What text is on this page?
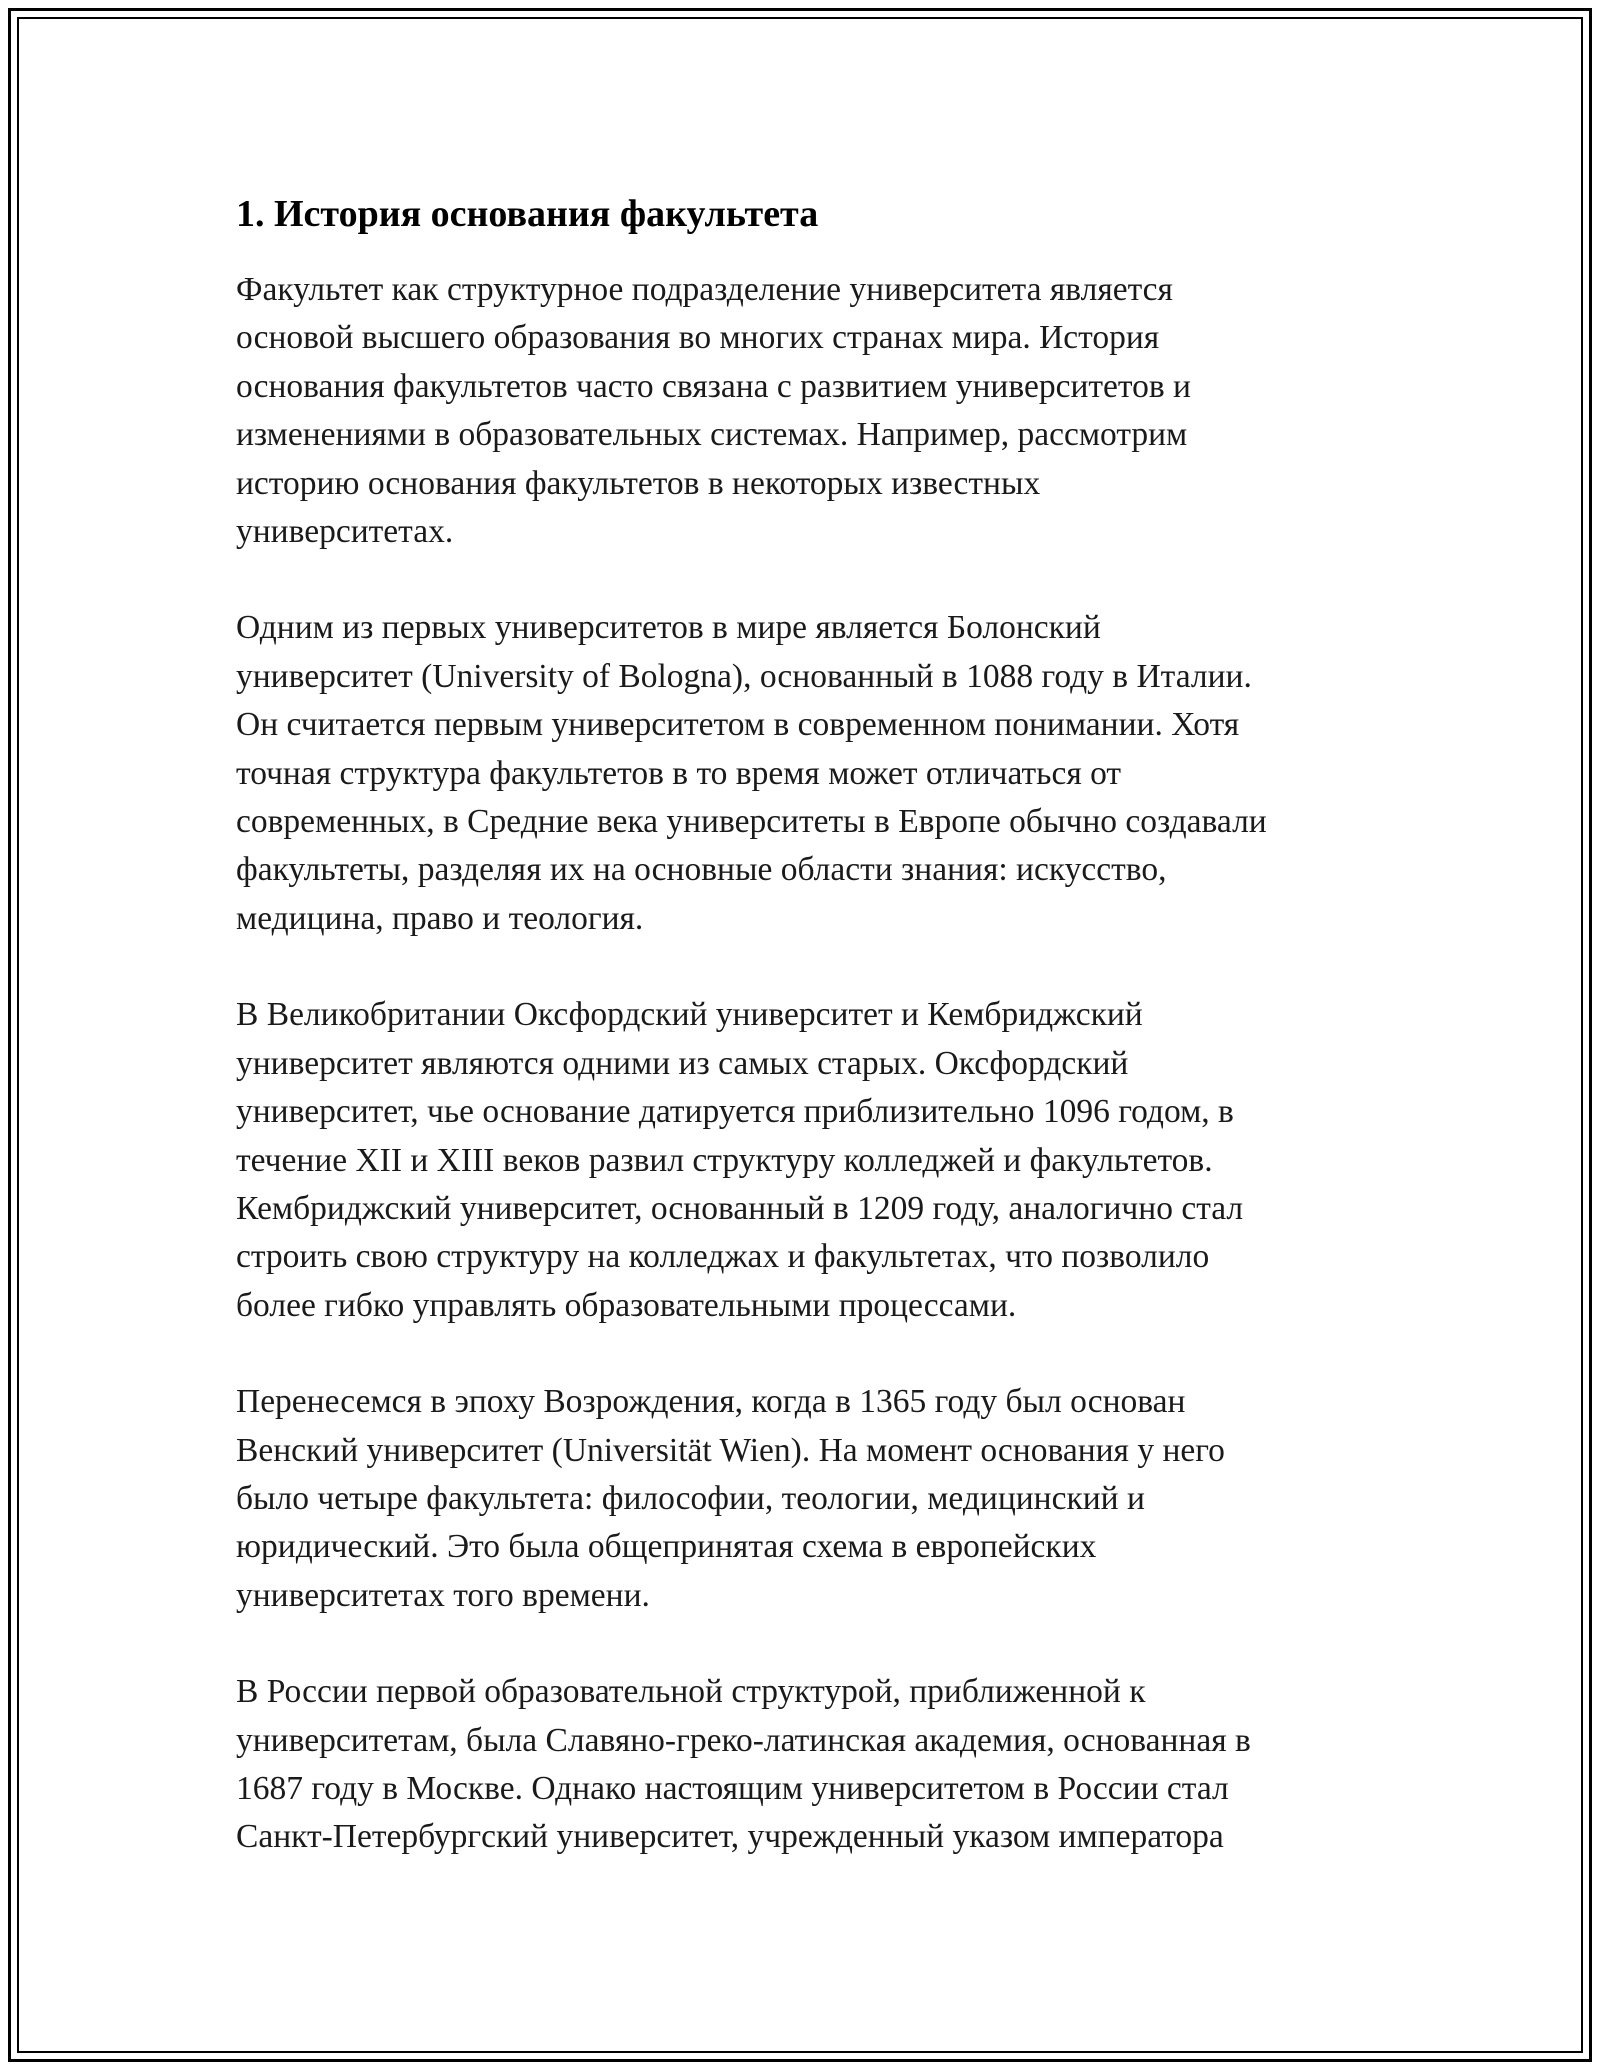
1. История основания факультета

Факультет как структурное подразделение университета является
основой высшего образования во многих странах мира. История
основания факультетов часто связана с развитием университетов и
изменениями в образовательных системах. Например, рассмотрим
историю основания факультетов в некоторых известных
университетах.

Одним из первых университетов в мире является Болонский
университет (University of Bologna), основанный в 1088 году в Италии.
Он считается первым университетом в современном понимании. Хотя
точная структура факультетов в то время может отличаться от
современных, в Средние века университеты в Европе обычно создавали
факультеты, разделяя их на основные области знания: искусство,
медицина, право и теология.

В Великобритании Оксфордский университет и Кембриджский
университет являются одними из самых старых. Оксфордский
университет, чье основание датируется приблизительно 1096 годом, в
течение XII и XIII веков развил структуру колледжей и факультетов.
Кембриджский университет, основанный в 1209 году, аналогично стал
строить свою структуру на колледжах и факультетах, что позволило
более гибко управлять образовательными процессами.

Перенесемся в эпоху Возрождения, когда в 1365 году был основан
Венский университет (Universität Wien). На момент основания у него
было четыре факультета: философии, теологии, медицинский и
юридический. Это была общепринятая схема в европейских
университетах того времени.

В России первой образовательной структурой, приближенной к
университетам, была Славяно-греко-латинская академия, основанная в
1687 году в Москве. Однако настоящим университетом в России стал
Санкт-Петербургский университет, учрежденный указом императора
